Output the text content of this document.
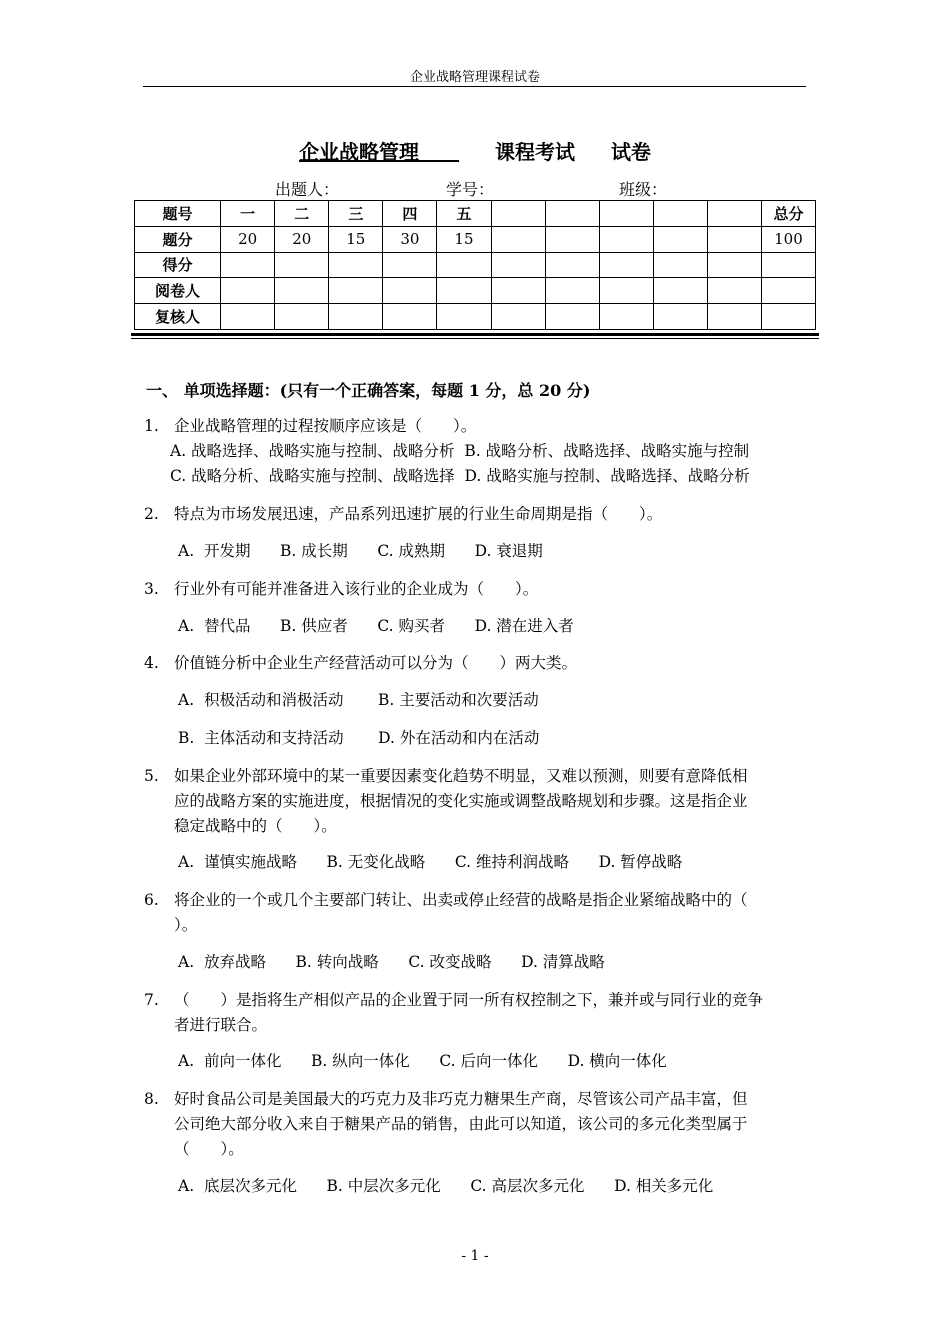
企业战略管理课程试卷
企业战略管理　　	课程考试 试卷
出题人：	学号：	班级：
题号	一	二	三	四	五						总分
题分	20	20	15	30	15						100
得分											
阅卷人											
复核人											
一、 单项选择题：(只有一个正确答案，每题 1 分，总 20 分)
1. 企业战略管理的过程按顺序应该是（　　）。
A. 战略选择、战略实施与控制、战略分析  B. 战略分析、战略选择、战略实施与控制
C. 战略分析、战略实施与控制、战略选择  D. 战略实施与控制、战略选择、战略分析
2. 特点为市场发展迅速，产品系列迅速扩展的行业生命周期是指（　　）。
A.  开发期      B. 成长期      C. 成熟期      D. 衰退期
3. 行业外有可能并准备进入该行业的企业成为（　　）。
A.  替代品      B. 供应者      C. 购买者      D. 潜在进入者
4. 价值链分析中企业生产经营活动可以分为（　　）两大类。
A.  积极活动和消极活动       B. 主要活动和次要活动
B.  主体活动和支持活动       D. 外在活动和内在活动
5. 如果企业外部环境中的某一重要因素变化趋势不明显，又难以预测，则要有意降低相
应的战略方案的实施进度，根据情况的变化实施或调整战略规划和步骤。这是指企业
稳定战略中的（　　）。
A.  谨慎实施战略      B. 无变化战略      C. 维持利润战略      D. 暂停战略
6. 将企业的一个或几个主要部门转让、出卖或停止经营的战略是指企业紧缩战略中的（
）。
A.  放弃战略      B. 转向战略      C. 改变战略      D. 清算战略
7. （　　）是指将生产相似产品的企业置于同一所有权控制之下，兼并或与同行业的竞争
者进行联合。
A.  前向一体化      B. 纵向一体化      C. 后向一体化      D. 横向一体化
8. 好时食品公司是美国最大的巧克力及非巧克力糖果生产商，尽管该公司产品丰富，但
公司绝大部分收入来自于糖果产品的销售，由此可以知道，该公司的多元化类型属于
（　　）。
A.  底层次多元化      B. 中层次多元化      C. 高层次多元化      D. 相关多元化
- 1 -
